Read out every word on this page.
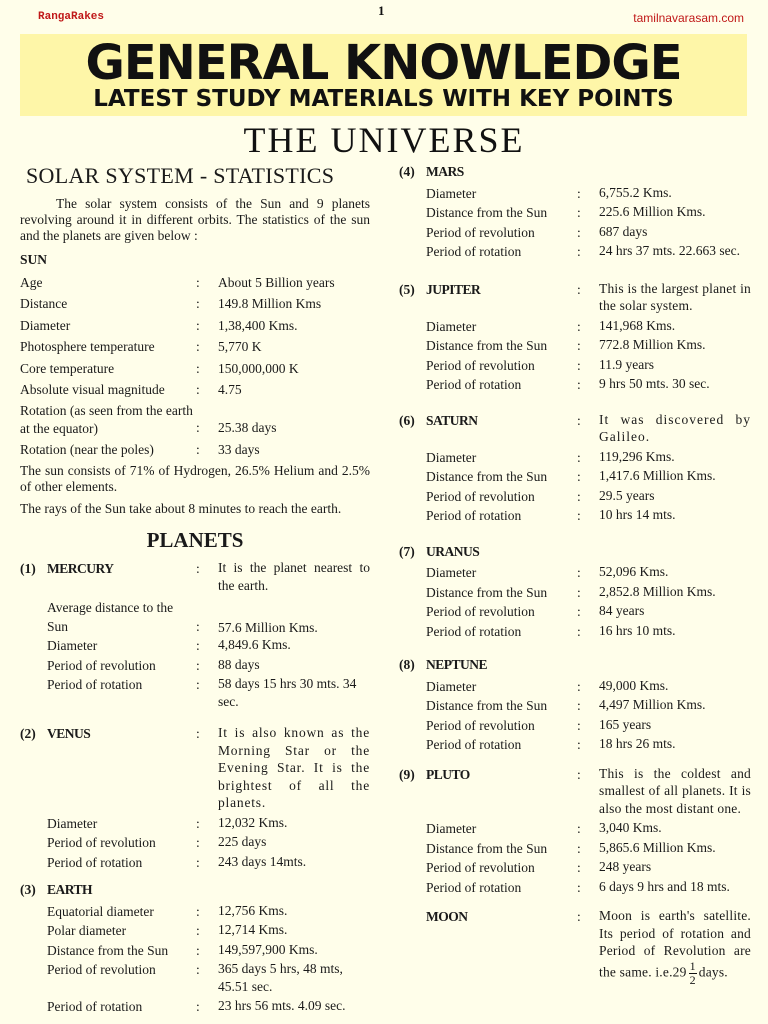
RangaRakes	1	tamilnavarasam.com
GENERAL KNOWLEDGE
LATEST STUDY MATERIALS WITH KEY POINTS
THE UNIVERSE
SOLAR SYSTEM - STATISTICS
The solar system consists of the Sun and 9 planets revolving around it in different orbits. The statistics of the sun and the planets are given below :
SUN
Age	:	About 5 Billion years
Distance	:	149.8 Million Kms
Diameter	:	1,38,400 Kms.
Photosphere temperature	:	5,770 K
Core temperature	:	150,000,000 K
Absolute visual magnitude	:	4.75
Rotation (as seen from the earth at the equator)	:	25.38 days
Rotation (near the poles)	:	33 days
The sun consists of 71% of Hydrogen, 26.5% Helium and 2.5% of other elements.
The rays of the Sun take about 8 minutes to reach the earth.
PLANETS
(1) MERCURY	:	It is the planet nearest to the earth.
Average distance to the Sun	:	57.6 Million Kms.
Diameter	:	4,849.6 Kms.
Period of revolution	:	88 days
Period of rotation	:	58 days 15 hrs 30 mts. 34 sec.
(2) VENUS	:	It is also known as the Morning Star or the Evening Star. It is the brightest of all the planets.
Diameter	:	12,032 Kms.
Period of revolution	:	225 days
Period of rotation	:	243 days 14mts.
(3) EARTH
Equatorial diameter	:	12,756 Kms.
Polar diameter	:	12,714 Kms.
Distance from the Sun	:	149,597,900 Kms.
Period of revolution	:	365 days 5 hrs, 48 mts, 45.51 sec.
Period of rotation	:	23 hrs 56 mts. 4.09 sec.
(4) MARS
Diameter	:	6,755.2 Kms.
Distance from the Sun	:	225.6 Million Kms.
Period of revolution	:	687 days
Period of rotation	:	24 hrs 37 mts. 22.663 sec.
(5) JUPITER	:	This is the largest planet in the solar system.
Diameter	:	141,968 Kms.
Distance from the Sun	:	772.8 Million Kms.
Period of revolution	:	11.9 years
Period of rotation	:	9 hrs 50 mts. 30 sec.
(6) SATURN	:	It was discovered by Galileo.
Diameter	:	119,296 Kms.
Distance from the Sun	:	1,417.6 Million Kms.
Period of revolution	:	29.5 years
Period of rotation	:	10 hrs 14 mts.
(7) URANUS
Diameter	:	52,096 Kms.
Distance from the Sun	:	2,852.8 Million Kms.
Period of revolution	:	84 years
Period of rotation	:	16 hrs 10 mts.
(8) NEPTUNE
Diameter	:	49,000 Kms.
Distance from the Sun	:	4,497 Million Kms.
Period of revolution	:	165 years
Period of rotation	:	18 hrs 26 mts.
(9) PLUTO	:	This is the coldest and smallest of all planets. It is also the most distant one.
Diameter	:	3,040 Kms.
Distance from the Sun	:	5,865.6 Million Kms.
Period of revolution	:	248 years
Period of rotation	:	6 days 9 hrs and 18 mts.
MOON	:	Moon is earth's satellite. Its period of rotation and Period of Revolution are the same. $i.e.29 \frac{1}{2}$ days.
